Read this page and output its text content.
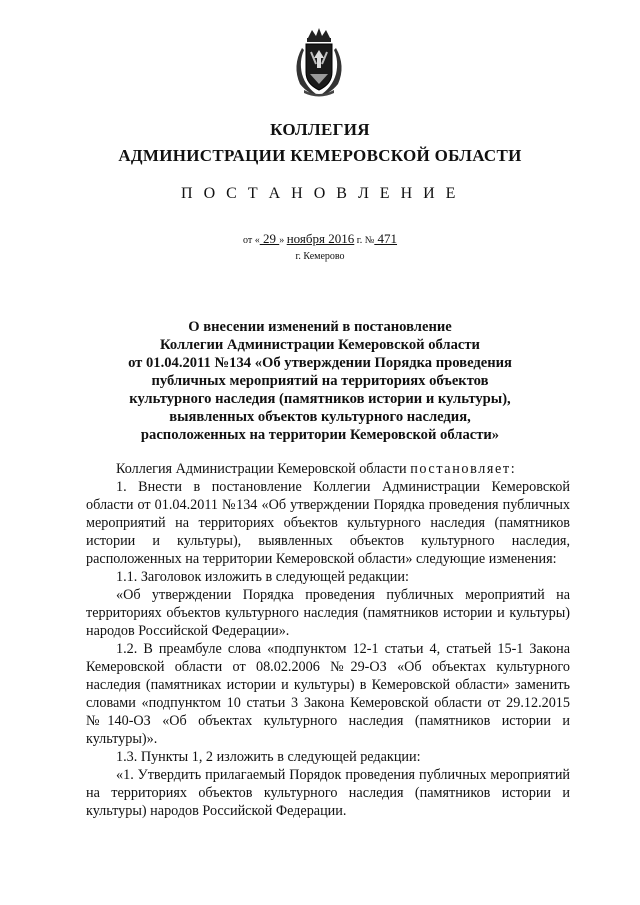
КОЛЛЕГИЯ
АДМИНИСТРАЦИИ КЕМЕРОВСКОЙ ОБЛАСТИ
П О С Т А Н О В Л Е Н И Е
от « 29 » ноября 2016 г. № 471
г. Кемерово
О внесении изменений в постановление
Коллегии Администрации Кемеровской области
от 01.04.2011 №134 «Об утверждении Порядка проведения
публичных мероприятий на территориях объектов
культурного наследия (памятников истории и культуры),
выявленных объектов культурного наследия,
расположенных на территории Кемеровской области»

Коллегия Администрации Кемеровской области постановляет:

1. Внести в постановление Коллегии Администрации Кемеровской области от 01.04.2011 №134 «Об утверждении Порядка проведения публичных мероприятий на территориях объектов культурного наследия (памятников истории и культуры), выявленных объектов культурного наследия, расположенных на территории Кемеровской области» следующие изменения:

1.1. Заголовок изложить в следующей редакции:

«Об утверждении Порядка проведения публичных мероприятий на территориях объектов культурного наследия (памятников истории и культуры) народов Российской Федерации».

1.2. В преамбуле слова «подпунктом 12-1 статьи 4, статьей 15-1 Закона Кемеровской области от 08.02.2006 №29-ОЗ «Об объектах культурного наследия (памятниках истории и культуры) в Кемеровской области» заменить словами «подпунктом 10 статьи 3 Закона Кемеровской области от 29.12.2015 №140-ОЗ «Об объектах культурного наследия (памятников истории и культуры)».

1.3. Пункты 1, 2 изложить в следующей редакции:

«1. Утвердить прилагаемый Порядок проведения публичных мероприятий на территориях объектов культурного наследия (памятников истории и культуры) народов Российской Федерации.
